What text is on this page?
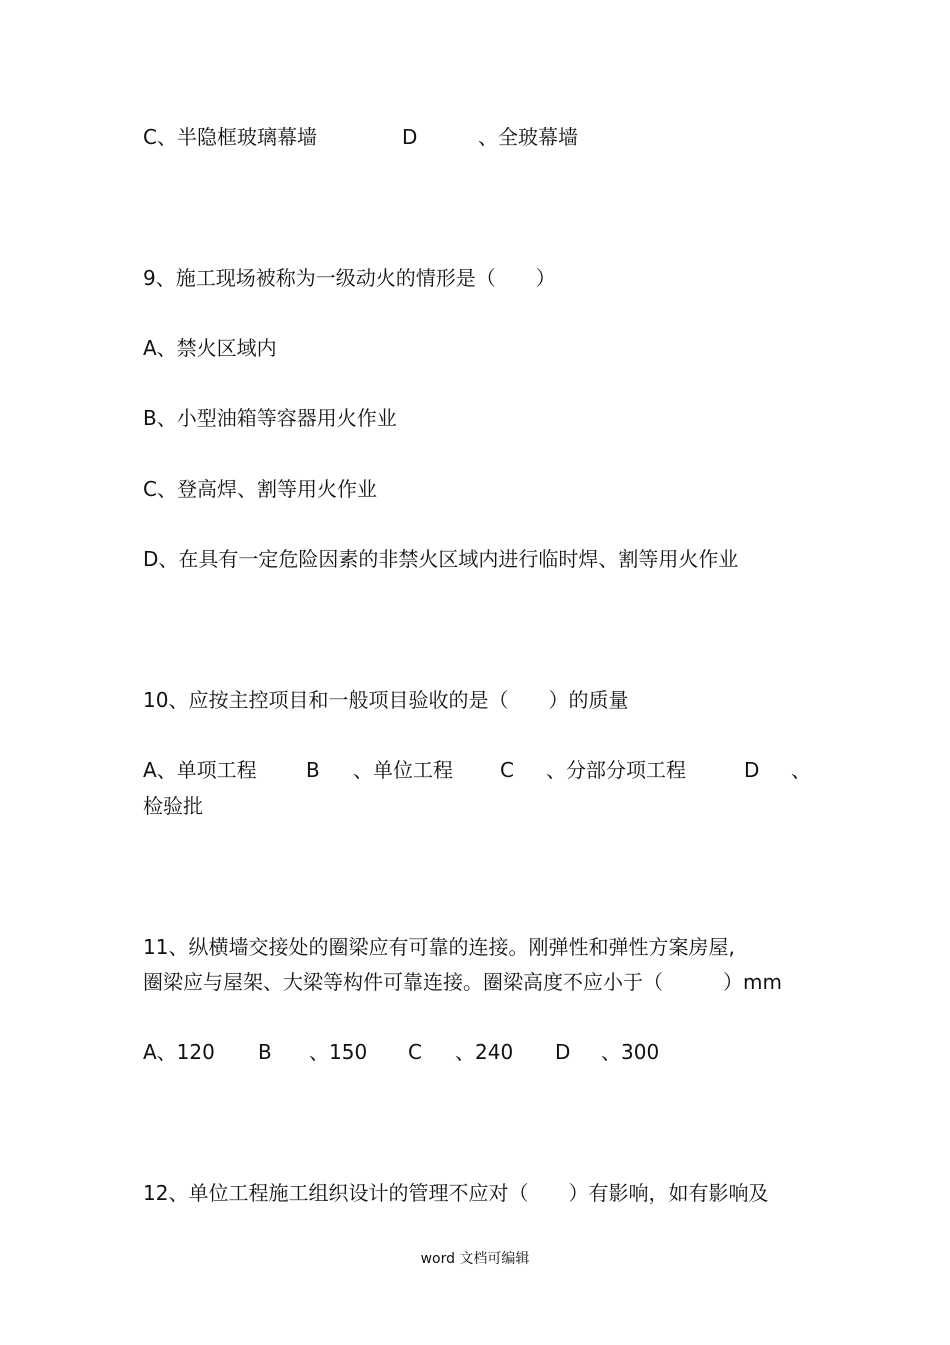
C、半隐框玻璃幕墙	D	、全玻幕墙
9、施工现场被称为一级动火的情形是（　　）
A、禁火区域内
B、小型油箱等容器用火作业
C、登高焊、割等用火作业
D、在具有一定危险因素的非禁火区域内进行临时焊、割等用火作业
10、应按主控项目和一般项目验收的是（　　）的质量
A、单项工程 B 、单位工程 C 、分部分项工程	D 、
检验批
11、纵横墙交接处的圈梁应有可靠的连接。刚弹性和弹性方案房屋,
圈梁应与屋架、大梁等构件可靠连接。圈梁高度不应小于（　　　）mm
A、120 B 、150 C 、240 D 、300
12、单位工程施工组织设计的管理不应对（　　）有影响，如有影响及
word 文档可编辑
